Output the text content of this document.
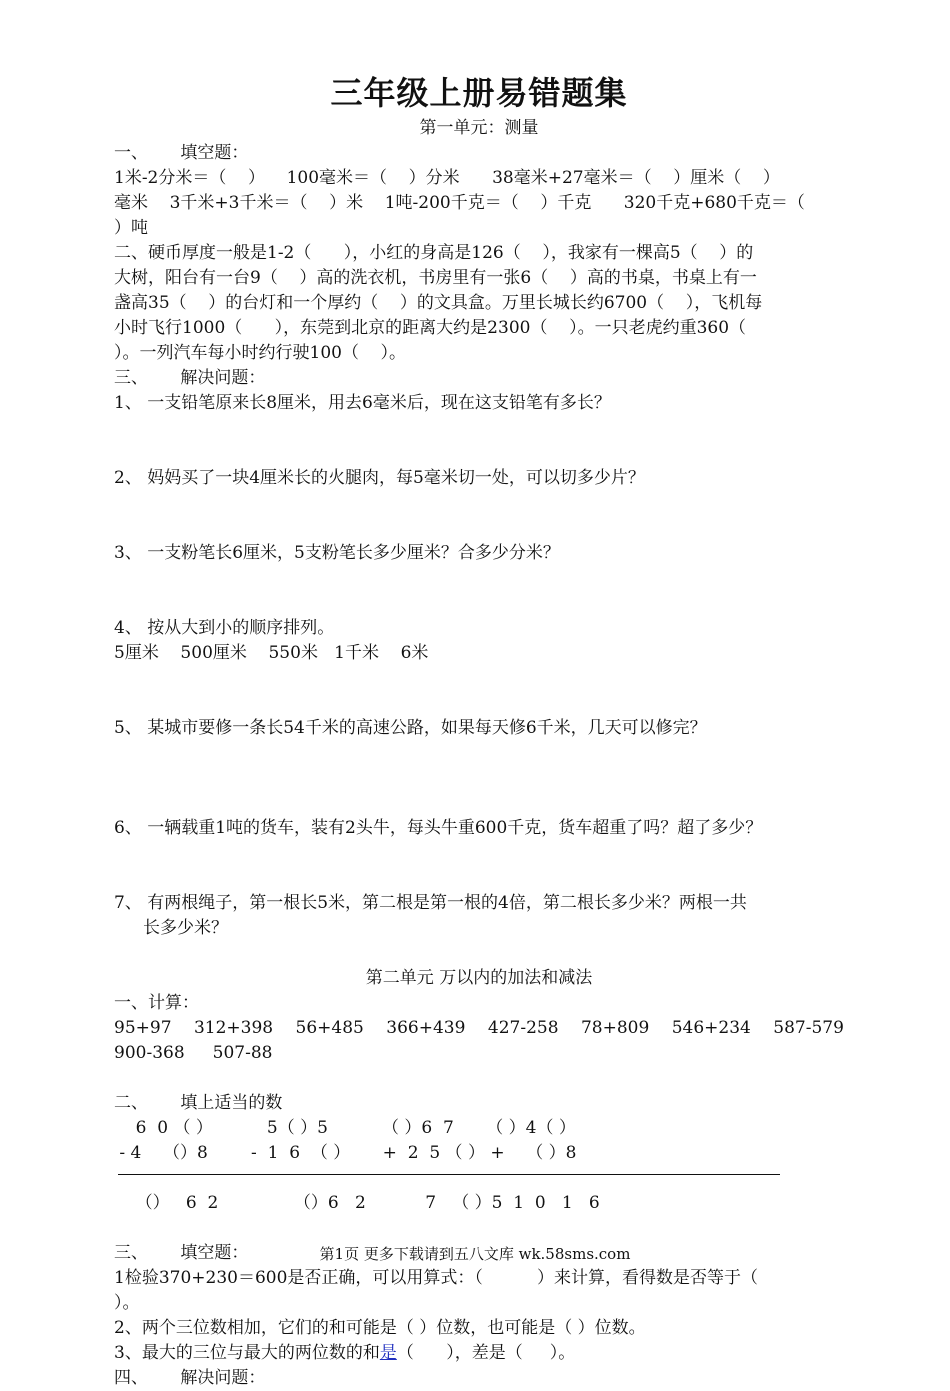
三年级上册易错题集
第一单元：测量
一、      填空题：
1米-2分米＝（    ）    100毫米＝（    ）分米      38毫米+27毫米＝（    ）厘米（    ）
毫米    3千米+3千米＝（    ）米    1吨-200千克＝（    ）千克      320千克+680千克＝（
）吨
二、硬币厚度一般是1-2（      ），小红的身高是126（    ），我家有一棵高5（    ）的
大树，阳台有一台9（    ）高的洗衣机，书房里有一张6（    ）高的书桌，书桌上有一
盏高35（    ）的台灯和一个厚约（    ）的文具盒。万里长城长约6700（    ），飞机每
小时飞行1000（      ），东莞到北京的距离大约是2300（    ）。一只老虎约重360（
）。一列汽车每小时约行驶100（    ）。
三、      解决问题：
1、 一支铅笔原来长8厘米，用去6毫米后，现在这支铅笔有多长？
2、 妈妈买了一块4厘米长的火腿肉，每5毫米切一处，可以切多少片？
3、 一支粉笔长6厘米，5支粉笔长多少厘米？合多少分米？
4、 按从大到小的顺序排列。
5厘米    500厘米    550米   1千米    6米
5、 某城市要修一条长54千米的高速公路，如果每天修6千米，几天可以修完？
6、 一辆载重1吨的货车，装有2头牛，每头牛重600千克，货车超重了吗？超了多少？
7、 有两根绳子，第一根长5米，第二根是第一根的4倍，第二根长多少米？两根一共
长多少米？
第二单元 万以内的加法和减法
一、计算：
95+97 312+398 56+485 366+439 427-258 78+809 546+234 587-579
900-368 507-88
二、      填上适当的数
6  0 （ ）          5（ ）5          （ ）6  7      （ ）4（ ）
- 4    （）8        -  1  6  （ ）      +  2  5 （ ） +    （ ）8
（）   6  2              （）6   2           7   （ ）5  1  0   1   6
三、      填空题：
1检验370+230＝600是否正确，可以用算式：（          ）来计算，看得数是否等于（
）。
2、两个三位数相加，它们的和可能是（ ）位数，也可能是（ ）位数。
3、最大的三位与最大的两位数的和是（      ），差是（     ）。
四、      解决问题：
第1页 更多下载请到五八文库 wk.58sms.com
